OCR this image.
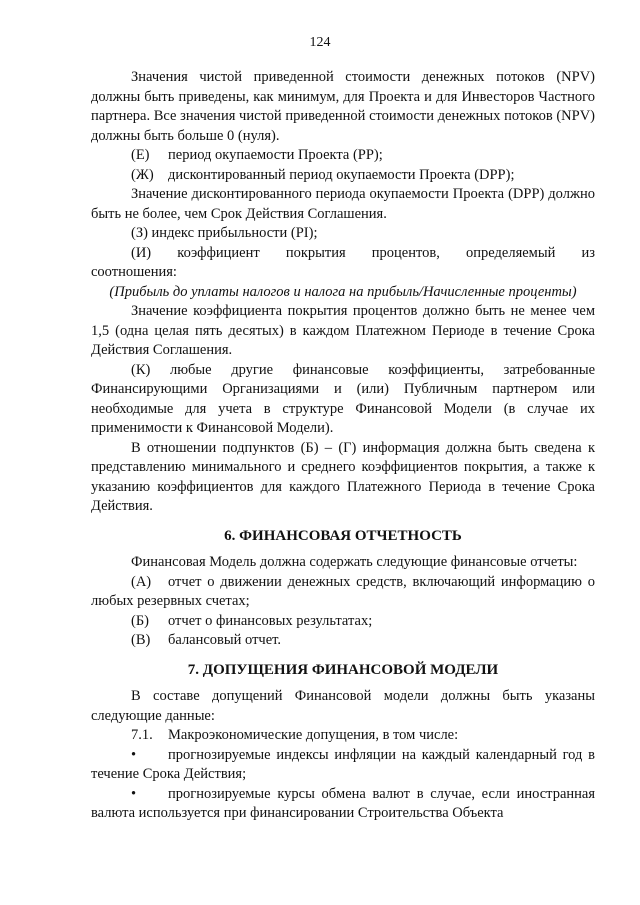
124

Значения чистой приведенной стоимости денежных потоков (NPV) должны быть приведены, как минимум, для Проекта и для Инвесторов Частного партнера. Все значения чистой приведенной стоимости денежных потоков (NPV) должны быть больше 0 (нуля).

(Е)	период окупаемости Проекта (PP);
(Ж) дисконтированный период окупаемости Проекта (DPP);

Значение дисконтированного периода окупаемости Проекта (DPP) должно быть не более, чем Срок Действия Соглашения.

(З) индекс прибыльности (PI);

(И) коэффициент покрытия процентов, определяемый из

соотношения:

(Прибыль до уплаты налогов и налога на прибыль/Начисленные проценты)

Значение коэффициента покрытия процентов должно быть не менее чем 1,5 (одна целая пять десятых) в каждом Платежном Периоде в течение Срока Действия Соглашения.

(К) любые другие финансовые коэффициенты, затребованные Финансирующими Организациями и (или) Публичным партнером или необходимые для учета в структуре Финансовой Модели (в случае их применимости к Финансовой Модели).

В отношении подпунктов (Б) – (Г) информация должна быть сведена к представлению минимального и среднего коэффициентов покрытия, а также к указанию коэффициентов для каждого Платежного Периода в течение Срока Действия.

6. ФИНАНСОВАЯ ОТЧЕТНОСТЬ

Финансовая Модель должна содержать следующие финансовые отчеты:

(А) отчет о движении денежных средств, включающий информацию о любых резервных счетах;

(Б)	отчет о финансовых результатах;
(В)	балансовый отчет.
7. ДОПУЩЕНИЯ ФИНАНСОВОЙ МОДЕЛИ

В составе допущений Финансовой модели должны быть указаны следующие данные:

7.1.	Макроэкономические допущения, в том числе:

• прогнозируемые индексы инфляции на каждый календарный год в течение Срока Действия;

• прогнозируемые курсы обмена валют в случае, если иностранная валюта используется при финансировании Строительства Объекта
